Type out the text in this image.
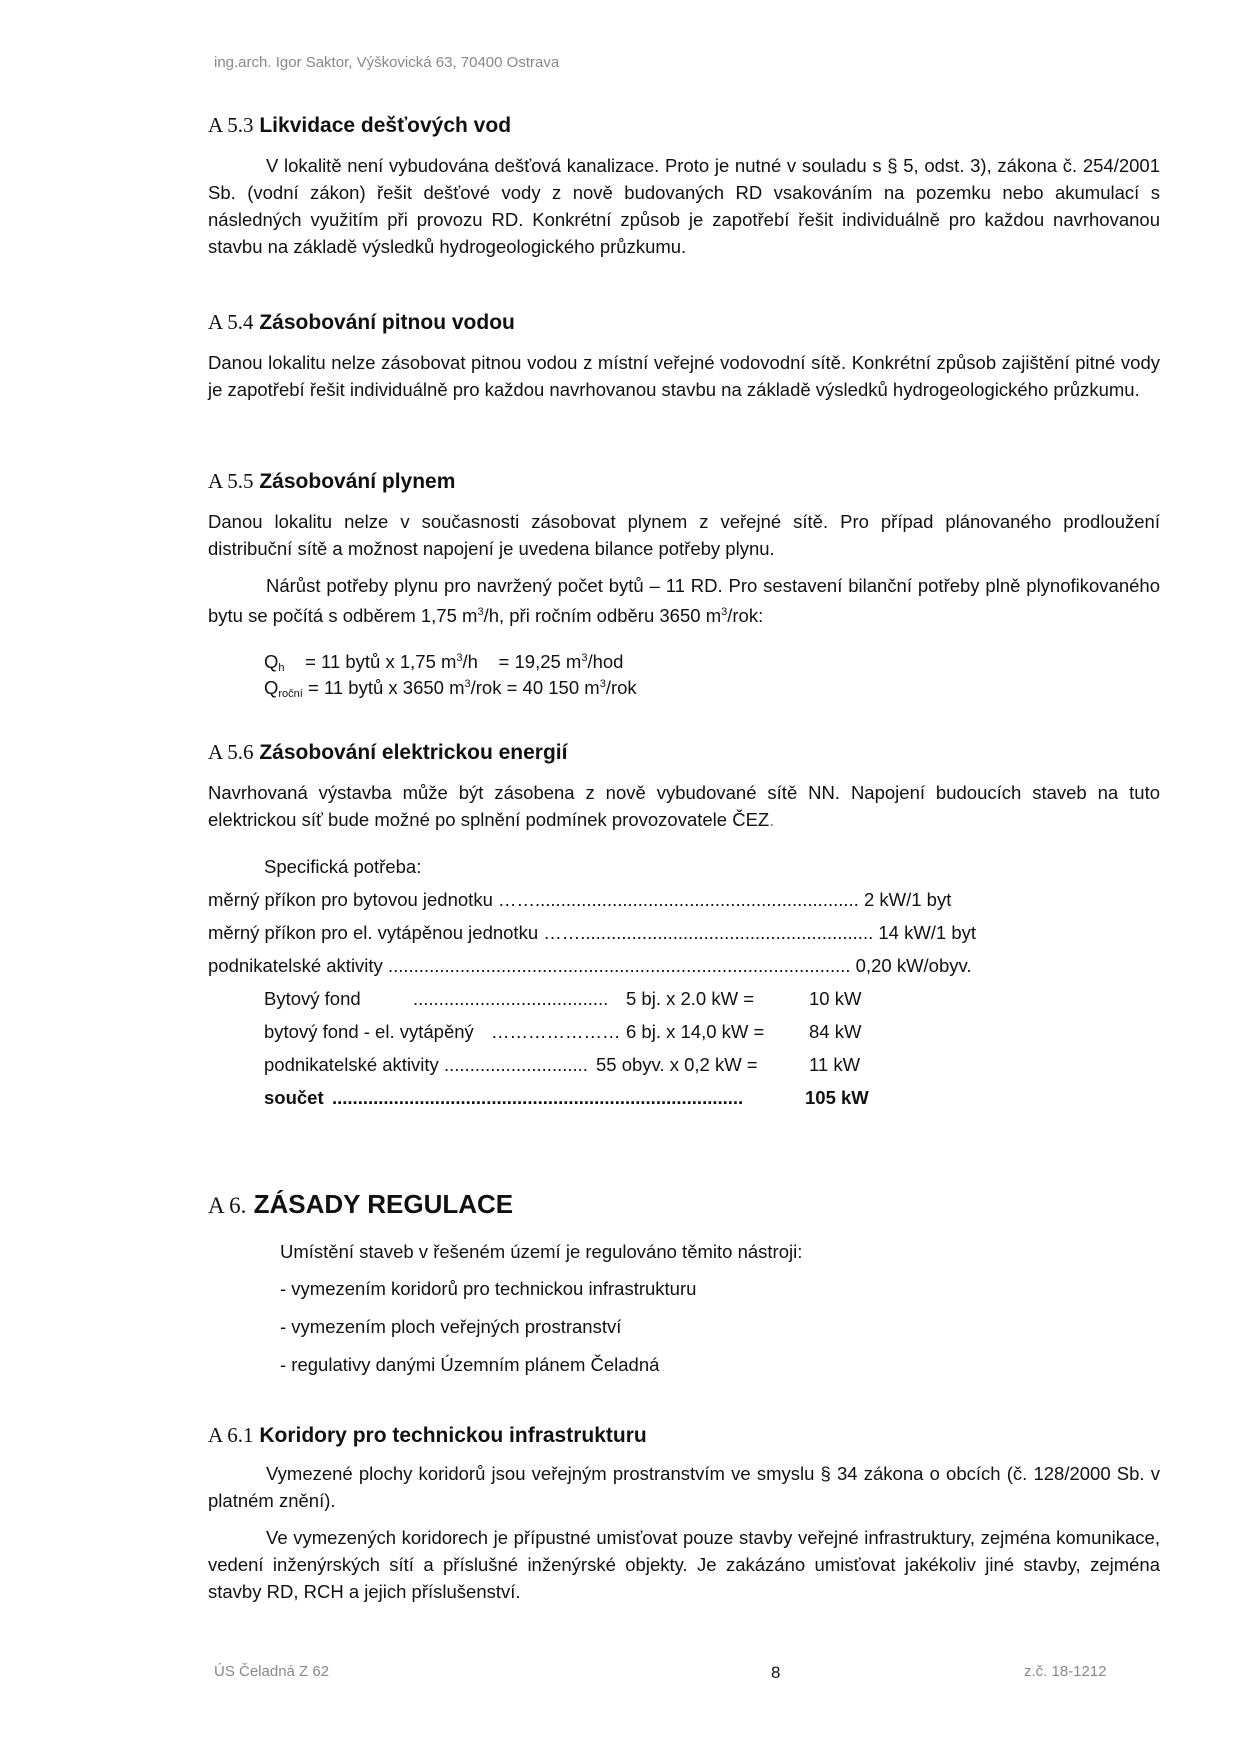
ing.arch. Igor Saktor, Výškovická 63, 70400 Ostrava
A 5.3 Likvidace dešťových vod

V lokalitě není vybudována dešťová kanalizace. Proto je nutné v souladu s § 5, odst. 3), zákona č. 254/2001 Sb. (vodní zákon) řešit dešťové vody z nově budovaných RD vsakováním na pozemku nebo akumulací s následných využitím při provozu RD. Konkrétní způsob je zapotřebí řešit individuálně pro každou navrhovanou stavbu na základě výsledků hydrogeologického průzkumu.

A 5.4 Zásobování pitnou vodou

Danou lokalitu nelze zásobovat pitnou vodou z místní veřejné vodovodní sítě. Konkrétní způsob zajištění pitné vody je zapotřebí řešit individuálně pro každou navrhovanou stavbu na základě výsledků hydrogeologického průzkumu.

A 5.5 Zásobování plynem

Danou lokalitu nelze v současnosti zásobovat plynem z veřejné sítě. Pro případ plánovaného prodloužení distribuční sítě a možnost napojení je uvedena bilance potřeby plynu.

Nárůst potřeby plynu pro navržený počet bytů – 11 RD. Pro sestavení bilanční potřeby plně plynofikovaného bytu se počítá s odběrem 1,75 $m^3/h$, při ročním odběru 3650 $m^3$/rok:

$Q_h = 11$ bytů x 1,75 $m^3/h = 19,25$ $m^3$/hod
$Q_{roční} = 11$ bytů x 3650 $m^3$/rok = 40 150 $m^3$/rok
A 5.6 Zásobování elektrickou energií

Navrhovaná výstavba může být zásobena z nově vybudované sítě NN. Napojení budoucích staveb na tuto elektrickou síť bude možné po splnění podmínek provozovatele ČEZ.

Specifická potřeba:
měrný příkon pro bytovou jednotku ……............................................................... 2 kW/1 byt
měrný příkon pro el. vytápěnou jednotku ……......................................................... 14 kW/1 byt
podnikatelské aktivity .......................................................................................... 0,20 kW/obyv.
Bytový fond	...................................... 5 bj. x 2.0 kW =	10 kW
bytový fond - el. vytápěný ………………… 6 bj. x 14,0 kW = 84 kW
podnikatelské aktivity ............................ 55 obyv. x 0,2 kW =	11 kW
součet ................................................................................	105 kW
A 6. ZÁSADY REGULACE
Umístění staveb v řešeném území je regulováno těmito nástroji:
- vymezením koridorů pro technickou infrastrukturu
- vymezením ploch veřejných prostranství
- regulativy danými Územním plánem Čeladná
A 6.1 Koridory pro technickou infrastrukturu

Vymezené plochy koridorů jsou veřejným prostranstvím ve smyslu § 34 zákona o obcích (č. 128/2000 Sb. v platném znění).

Ve vymezených koridorech je přípustné umisťovat pouze stavby veřejné infrastruktury, zejména komunikace, vedení inženýrských sítí a příslušné inženýrské objekty. Je zakázáno umisťovat jakékoliv jiné stavby, zejména stavby RD, RCH a jejich příslušenství.

ÚS Čeladná Z 62	8	z.č. 18-1212
